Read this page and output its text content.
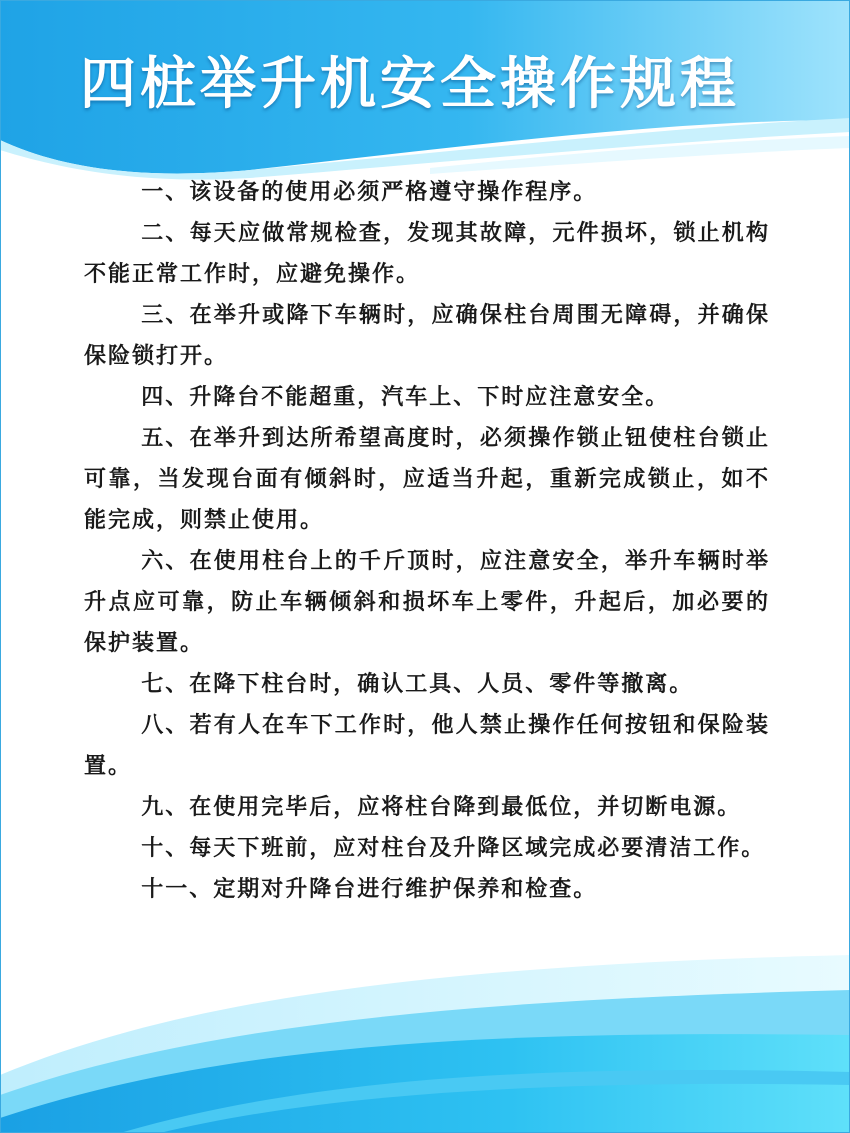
四桩举升机安全操作规程

一、该设备的使用必须严格遵守操作程序。

二、每天应做常规检查，发现其故障，元件损坏，锁止机构不能正常工作时，应避免操作。

三、在举升或降下车辆时，应确保柱台周围无障碍，并确保保险锁打开。

四、升降台不能超重，汽车上、下时应注意安全。

五、在举升到达所希望高度时，必须操作锁止钮使柱台锁止可靠，当发现台面有倾斜时，应适当升起，重新完成锁止，如不能完成，则禁止使用。

六、在使用柱台上的千斤顶时，应注意安全，举升车辆时举升点应可靠，防止车辆倾斜和损坏车上零件，升起后，加必要的保护装置。

七、在降下柱台时，确认工具、人员、零件等撤离。

八、若有人在车下工作时，他人禁止操作任何按钮和保险装置。

九、在使用完毕后，应将柱台降到最低位，并切断电源。

十、每天下班前，应对柱台及升降区域完成必要清洁工作。

十一、定期对升降台进行维护保养和检查。
